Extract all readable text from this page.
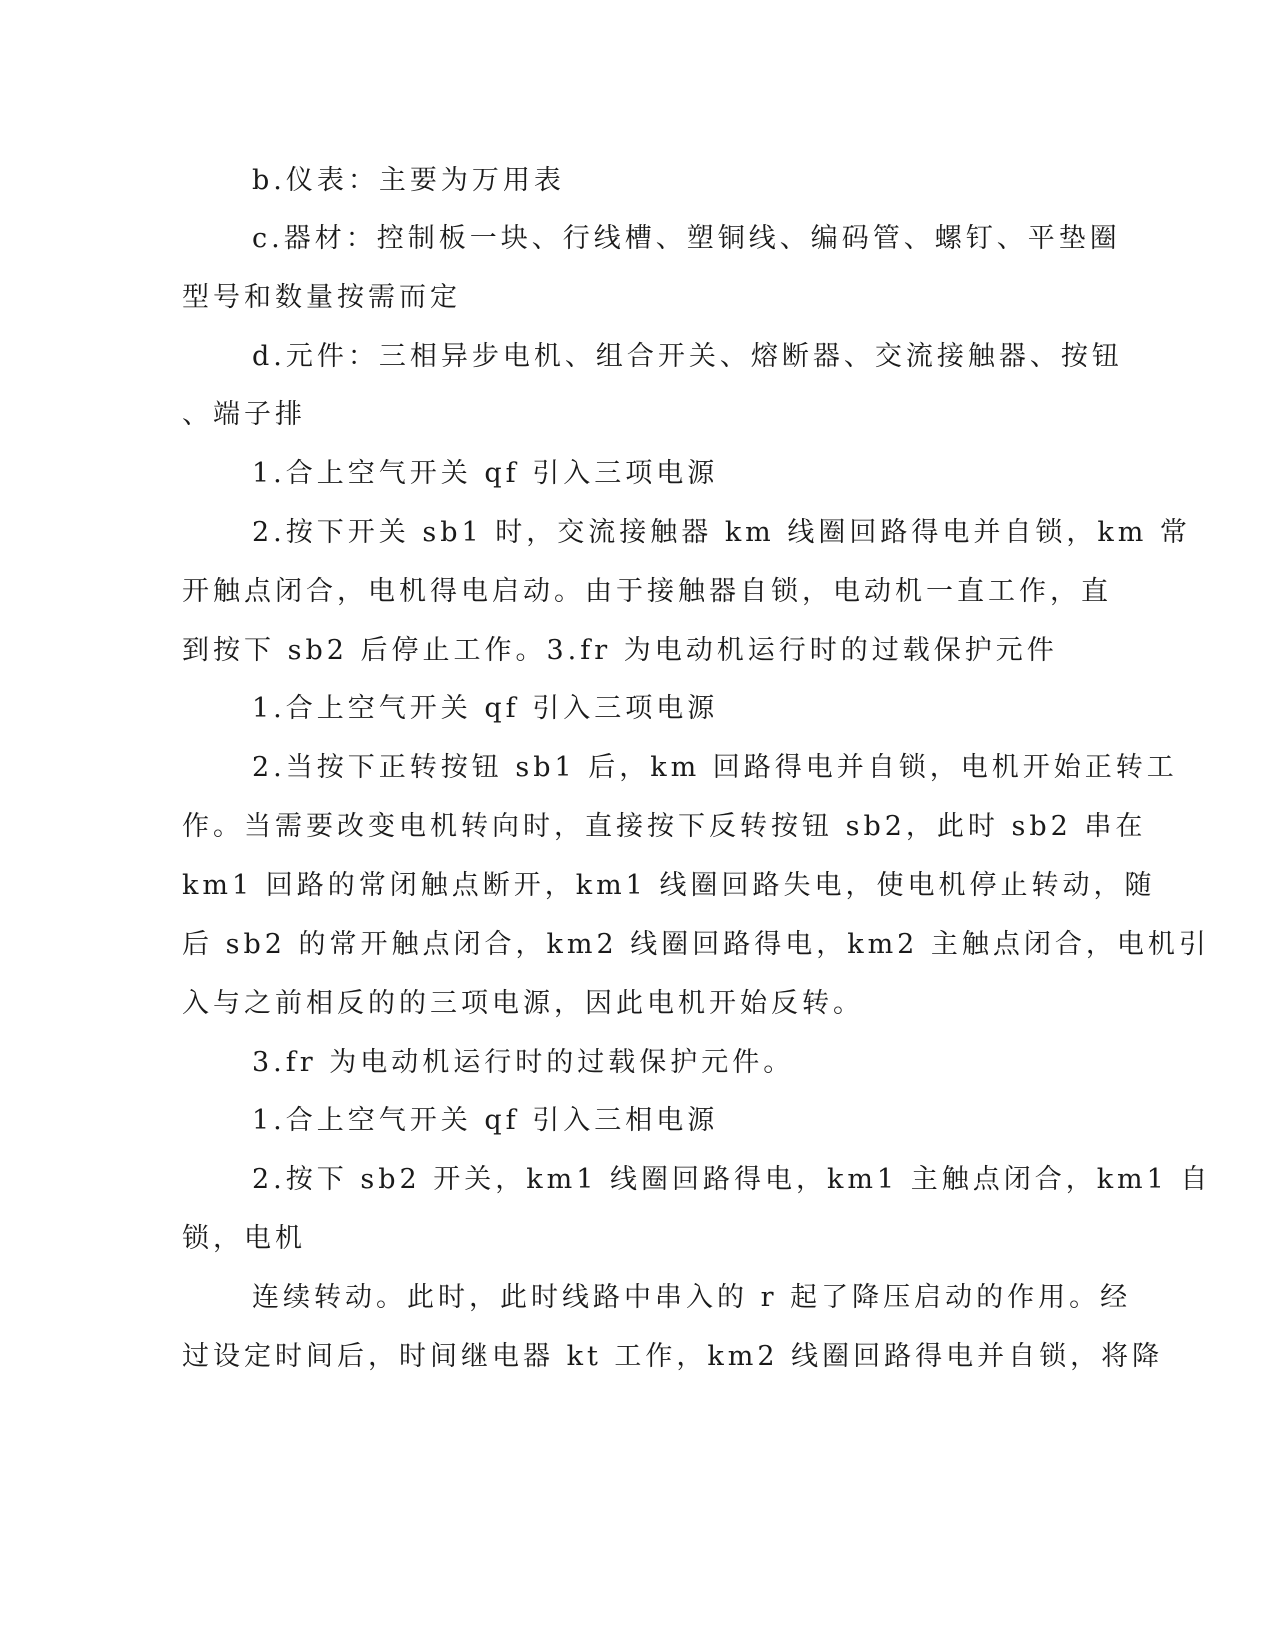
b.仪表：主要为万用表
c.器材：控制板一块、行线槽、塑铜线、编码管、螺钉、平垫圈
型号和数量按需而定
d.元件：三相异步电机、组合开关、熔断器、交流接触器、按钮
、端子排
1.合上空气开关 qf 引入三项电源
2.按下开关 sb1 时，交流接触器 km 线圈回路得电并自锁，km 常
开触点闭合，电机得电启动。由于接触器自锁，电动机一直工作，直
到按下 sb2 后停止工作。3.fr 为电动机运行时的过载保护元件
1.合上空气开关 qf 引入三项电源
2.当按下正转按钮 sb1 后，km 回路得电并自锁，电机开始正转工
作。当需要改变电机转向时，直接按下反转按钮 sb2，此时 sb2 串在
km1 回路的常闭触点断开，km1 线圈回路失电，使电机停止转动，随
后 sb2 的常开触点闭合，km2 线圈回路得电，km2 主触点闭合，电机引
入与之前相反的的三项电源，因此电机开始反转。
3.fr 为电动机运行时的过载保护元件。
1.合上空气开关 qf 引入三相电源
2.按下 sb2 开关，km1 线圈回路得电，km1 主触点闭合，km1 自
锁，电机
连续转动。此时，此时线路中串入的 r 起了降压启动的作用。经
过设定时间后，时间继电器 kt 工作，km2 线圈回路得电并自锁，将降
